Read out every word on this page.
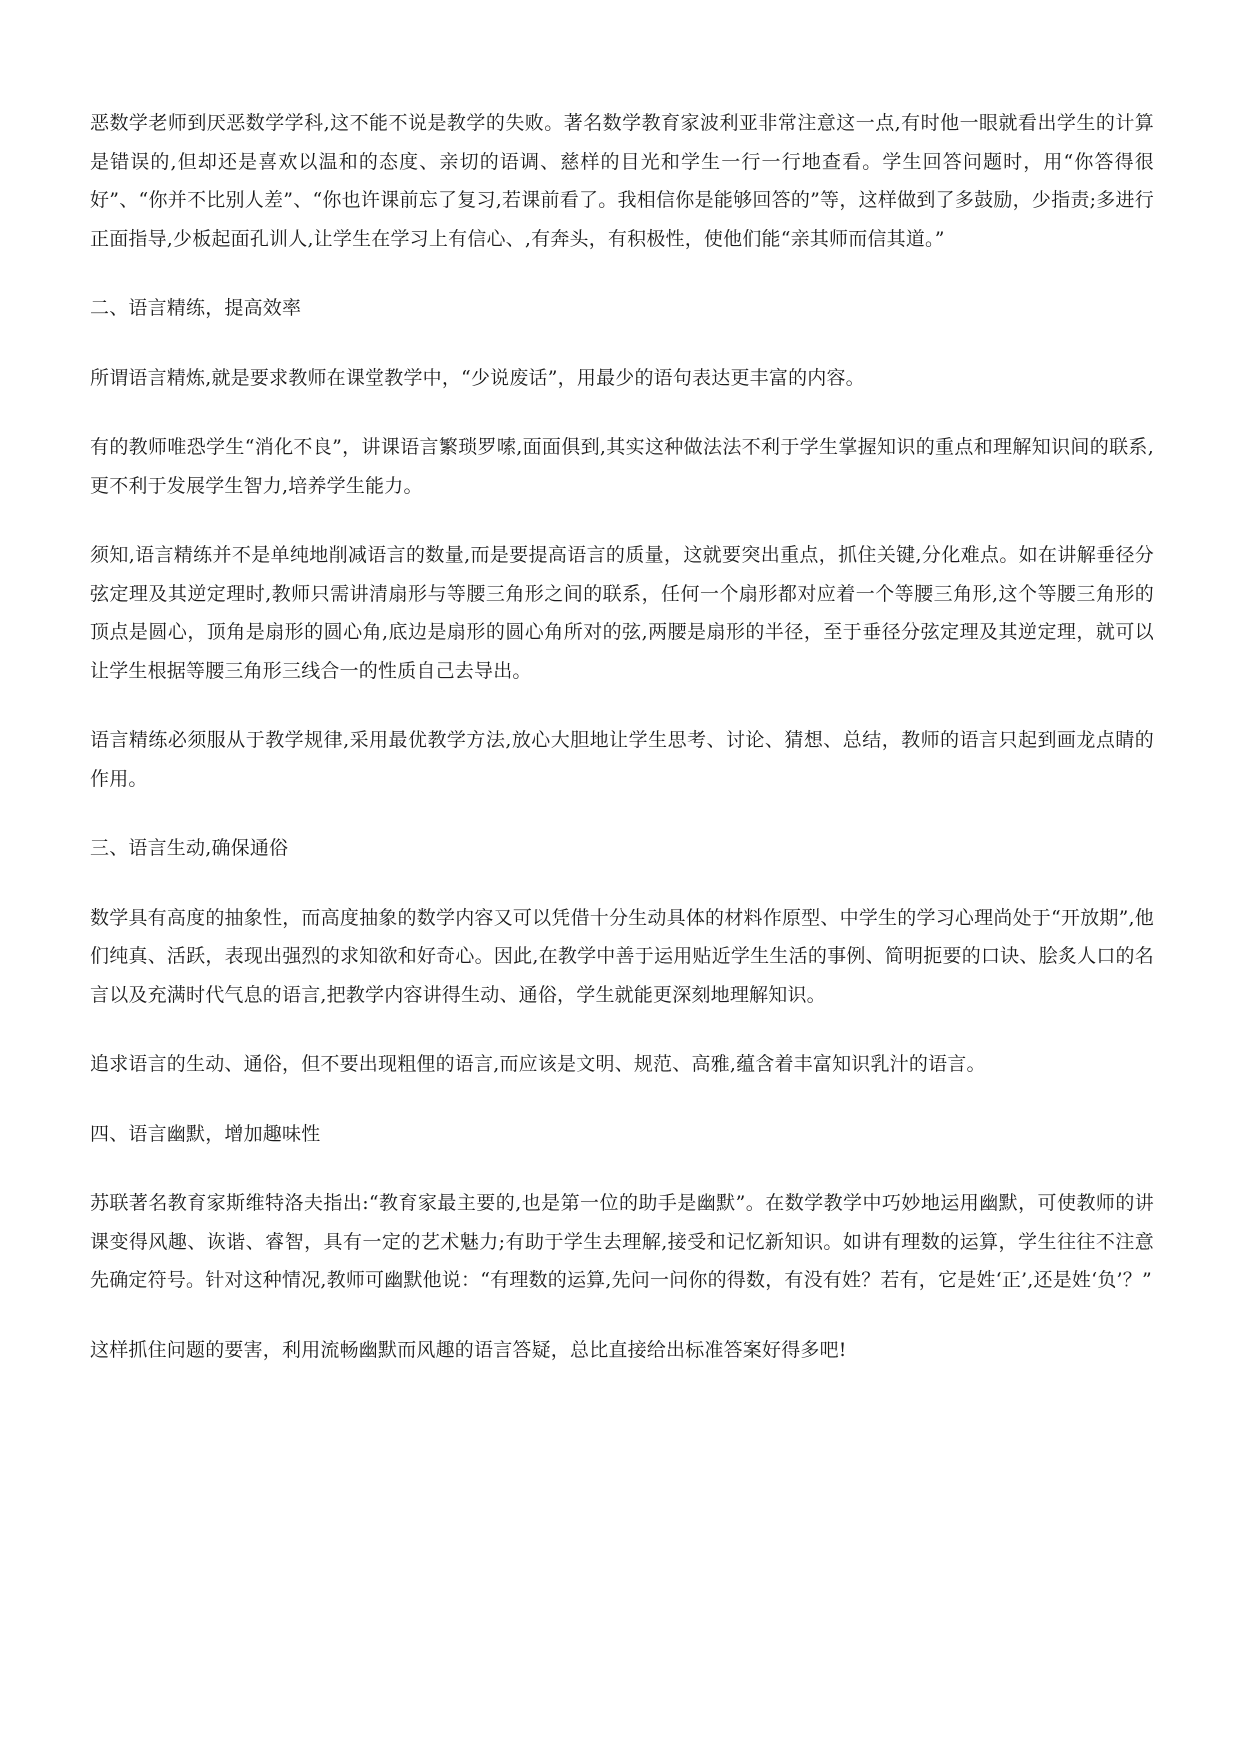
恶数学老师到厌恶数学学科,这不能不说是教学的失败。著名数学教育家波利亚非常注意这一点,有时他一眼就看出学生的计算是错误的,但却还是喜欢以温和的态度、亲切的语调、慈样的目光和学生一行一行地查看。学生回答问题时，用“你答得很好”、“你并不比别人差”、“你也许课前忘了复习,若课前看了。我相信你是能够回答的”等，这样做到了多鼓励，少指责;多进行正面指导,少板起面孔训人,让学生在学习上有信心、,有奔头，有积极性，使他们能“亲其师而信其道。”

二、语言精练，提高效率

所谓语言精炼,就是要求教师在课堂教学中，“少说废话”，用最少的语句表达更丰富的内容。

有的教师唯恐学生“消化不良”，讲课语言繁琐罗嗦,面面俱到,其实这种做法法不利于学生掌握知识的重点和理解知识间的联系,更不利于发展学生智力,培养学生能力。

须知,语言精练并不是单纯地削减语言的数量,而是要提高语言的质量，这就要突出重点，抓住关键,分化难点。如在讲解垂径分弦定理及其逆定理时,教师只需讲清扇形与等腰三角形之间的联系，任何一个扇形都对应着一个等腰三角形,这个等腰三角形的顶点是圆心，顶角是扇形的圆心角,底边是扇形的圆心角所对的弦,两腰是扇形的半径，至于垂径分弦定理及其逆定理，就可以让学生根据等腰三角形三线合一的性质自己去导出。

语言精练必须服从于教学规律,采用最优教学方法,放心大胆地让学生思考、讨论、猜想、总结，教师的语言只起到画龙点睛的作用。

三、语言生动,确保通俗

数学具有高度的抽象性，而高度抽象的数学内容又可以凭借十分生动具体的材料作原型、中学生的学习心理尚处于“开放期”,他们纯真、活跃，表现出强烈的求知欲和好奇心。因此,在教学中善于运用贴近学生生活的事例、简明扼要的口诀、脍炙人口的名言以及充满时代气息的语言,把教学内容讲得生动、通俗，学生就能更深刻地理解知识。

追求语言的生动、通俗，但不要出现粗俚的语言,而应该是文明、规范、高雅,蕴含着丰富知识乳汁的语言。

四、语言幽默，增加趣味性

苏联著名教育家斯维特洛夫指出:“教育家最主要的,也是第一位的助手是幽默”。在数学教学中巧妙地运用幽默，可使教师的讲课变得风趣、诙谐、睿智，具有一定的艺术魅力;有助于学生去理解,接受和记忆新知识。如讲有理数的运算，学生往往不注意先确定符号。针对这种情况,教师可幽默他说：“有理数的运算,先问一问你的得数，有没有姓？若有，它是姓‘正’,还是姓‘负’？”

这样抓住问题的要害，利用流畅幽默而风趣的语言答疑，总比直接给出标准答案好得多吧!
